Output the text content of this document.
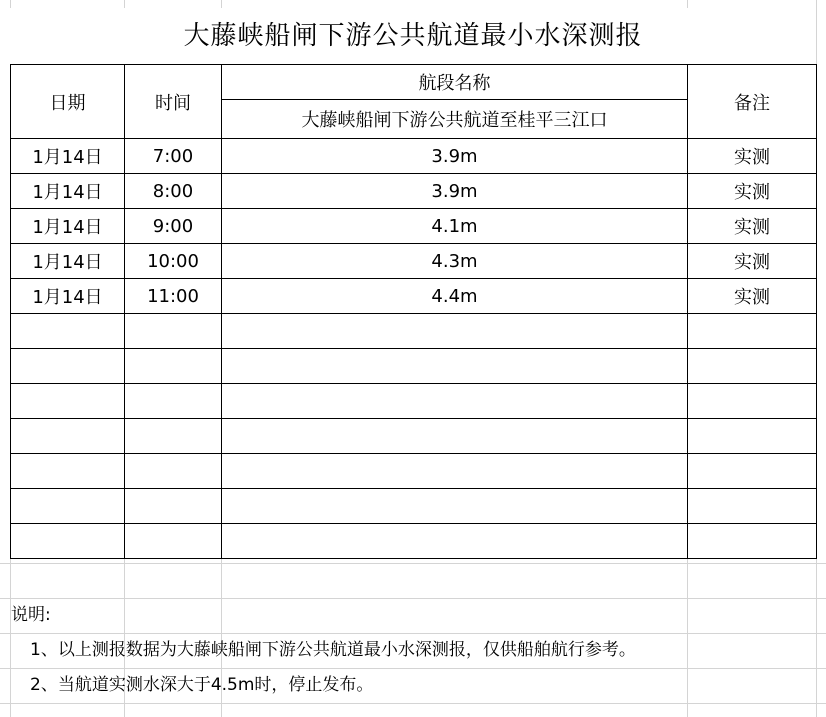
大藤峡船闸下游公共航道最小水深测报
日期	时间	航段名称	备注
		大藤峡船闸下游公共航道至桂平三江口	
1月14日	7:00	3.9m	实测
1月14日	8:00	3.9m	实测
1月14日	9:00	4.1m	实测
1月14日	10:00	4.3m	实测
1月14日	11:00	4.4m	实测

说明:
1、以上测报数据为大藤峡船闸下游公共航道最小水深测报，仅供船舶航行参考。
2、当航道实测水深大于4.5m时，停止发布。
